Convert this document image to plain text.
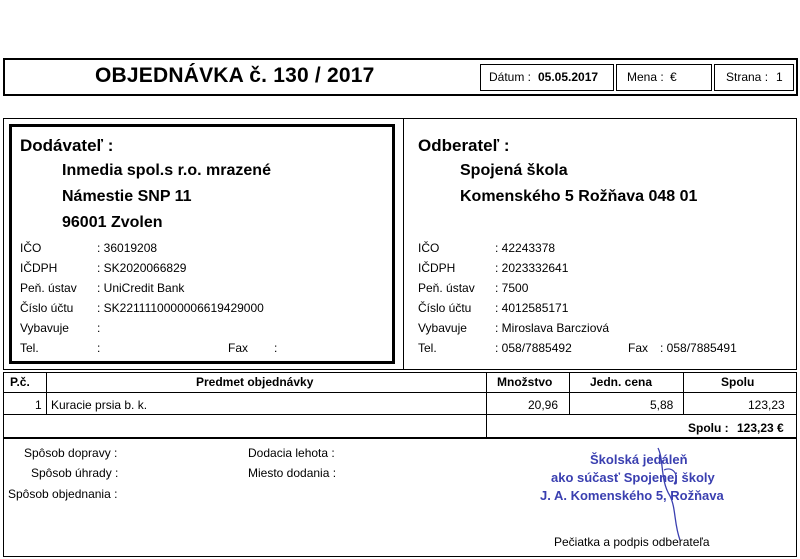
OBJEDNÁVKA č. 130 / 2017	Dátum : 05.05.2017 Mena : €	Strana : 1
Dodávateľ :
Inmedia spol.s r.o. mrazené
Námestie SNP 11
96001 Zvolen
IČO	: 36019208
IČDPH	: SK2020066829
Peň. ústav : UniCredit Bank
Číslo účtu : SK2211110000006619429000
Vybavuje :
Tel.	:	Fax :
Odberateľ :
Spojená škola
Komenského 5 Rožňava 048 01
IČO	: 42243378
IČDPH	: 2023332641
Peň. ústav : 7500
Číslo účtu : 4012585171
Vybavuje : Miroslava Barcziová
Tel.	: 058/7885492	Fax : 058/7885491
P.č.	Predmet objednávky	Množstvo	Jedn. cena	Spolu
1 Kuracie prsia b. k.	20,96	5,88	123,23
Spolu : 123,23 €
Spôsob dopravy :
Spôsob úhrady :
Spôsob objednania :
Dodacia lehota :
Miesto dodania :
Školská jedáleň
ako súčasť Spojenej školy
J. A. Komenského 5, Rožňava
Pečiatka a podpis odberateľa
